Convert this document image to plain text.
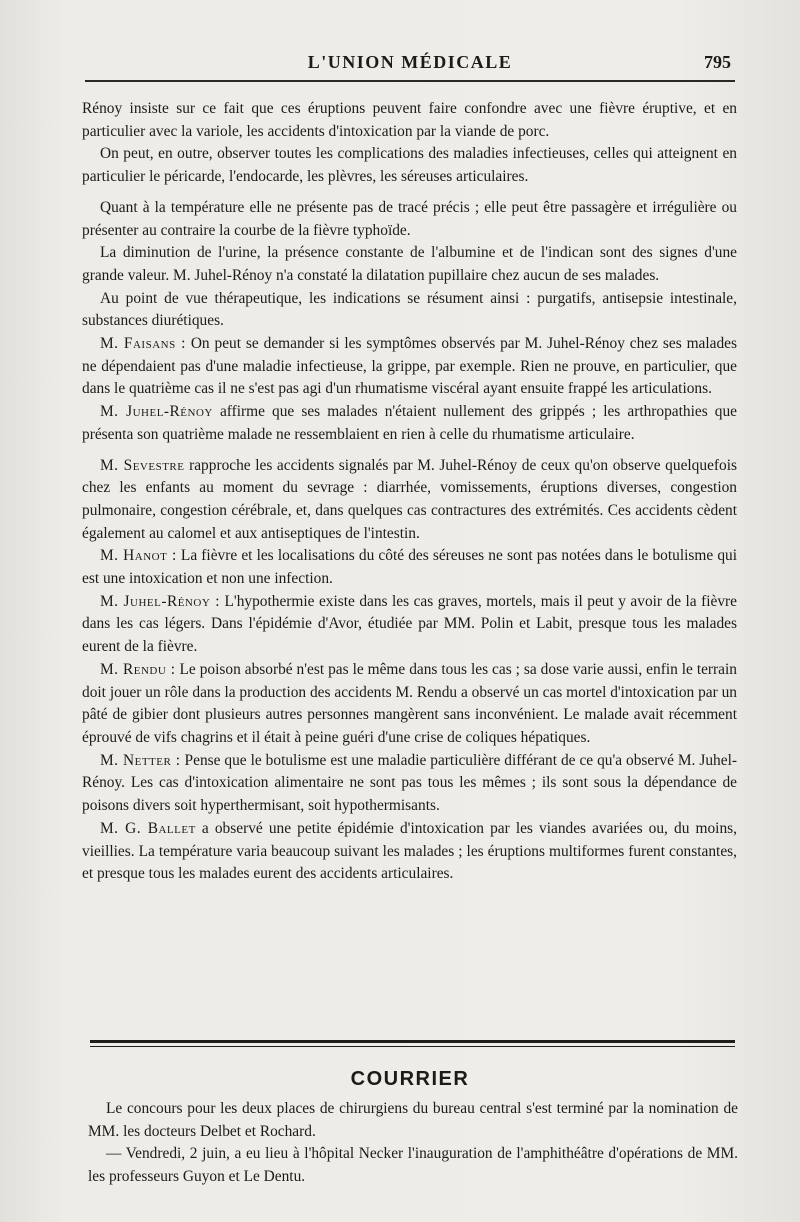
L'UNION MÉDICALE	795

Rénoy insiste sur ce fait que ces éruptions peuvent faire confondre avec une fièvre éruptive, et en particulier avec la variole, les accidents d'intoxication par la viande de porc.

On peut, en outre, observer toutes les complications des maladies infectieuses, celles qui atteignent en particulier le péricarde, l'endocarde, les plèvres, les séreuses articulaires.

Quant à la température elle ne présente pas de tracé précis ; elle peut être passagère et irrégulière ou présenter au contraire la courbe de la fièvre typhoïde.

La diminution de l'urine, la présence constante de l'albumine et de l'indican sont des signes d'une grande valeur. M. Juhel-Rénoy n'a constaté la dilatation pupillaire chez aucun de ses malades.

Au point de vue thérapeutique, les indications se résument ainsi : purgatifs, antisepsie intestinale, substances diurétiques.

M. Faisans : On peut se demander si les symptômes observés par M. Juhel-Rénoy chez ses malades ne dépendaient pas d'une maladie infectieuse, la grippe, par exemple. Rien ne prouve, en particulier, que dans le quatrième cas il ne s'est pas agi d'un rhumatisme viscéral ayant ensuite frappé les articulations.

M. Juhel-Rénoy affirme que ses malades n'étaient nullement des grippés ; les arthropathies que présenta son quatrième malade ne ressemblaient en rien à celle du rhumatisme articulaire.

M. Sevestre rapproche les accidents signalés par M. Juhel-Rénoy de ceux qu'on observe quelquefois chez les enfants au moment du sevrage : diarrhée, vomissements, éruptions diverses, congestion pulmonaire, congestion cérébrale, et, dans quelques cas contractures des extrémités. Ces accidents cèdent également au calomel et aux antiseptiques de l'intestin.

M. Hanot : La fièvre et les localisations du côté des séreuses ne sont pas notées dans le botulisme qui est une intoxication et non une infection.

M. Juhel-Rénoy : L'hypothermie existe dans les cas graves, mortels, mais il peut y avoir de la fièvre dans les cas légers. Dans l'épidémie d'Avor, étudiée par MM. Polin et Labit, presque tous les malades eurent de la fièvre.

M. Rendu : Le poison absorbé n'est pas le même dans tous les cas ; sa dose varie aussi, enfin le terrain doit jouer un rôle dans la production des accidents M. Rendu a observé un cas mortel d'intoxication par un pâté de gibier dont plusieurs autres personnes mangèrent sans inconvénient. Le malade avait récemment éprouvé de vifs chagrins et il était à peine guéri d'une crise de coliques hépatiques.

M. Netter : Pense que le botulisme est une maladie particulière différant de ce qu'a observé M. Juhel-Rénoy. Les cas d'intoxication alimentaire ne sont pas tous les mêmes ; ils sont sous la dépendance de poisons divers soit hyperthermisant, soit hypothermisants.

M. G. Ballet a observé une petite épidémie d'intoxication par les viandes avariées ou, du moins, vieillies. La température varia beaucoup suivant les malades ; les éruptions multiformes furent constantes, et presque tous les malades eurent des accidents articulaires.

COURRIER

Le concours pour les deux places de chirurgiens du bureau central s'est terminé par la nomination de MM. les docteurs Delbet et Rochard.

— Vendredi, 2 juin, a eu lieu à l'hôpital Necker l'inauguration de l'amphithéâtre d'opérations de MM. les professeurs Guyon et Le Dentu.
